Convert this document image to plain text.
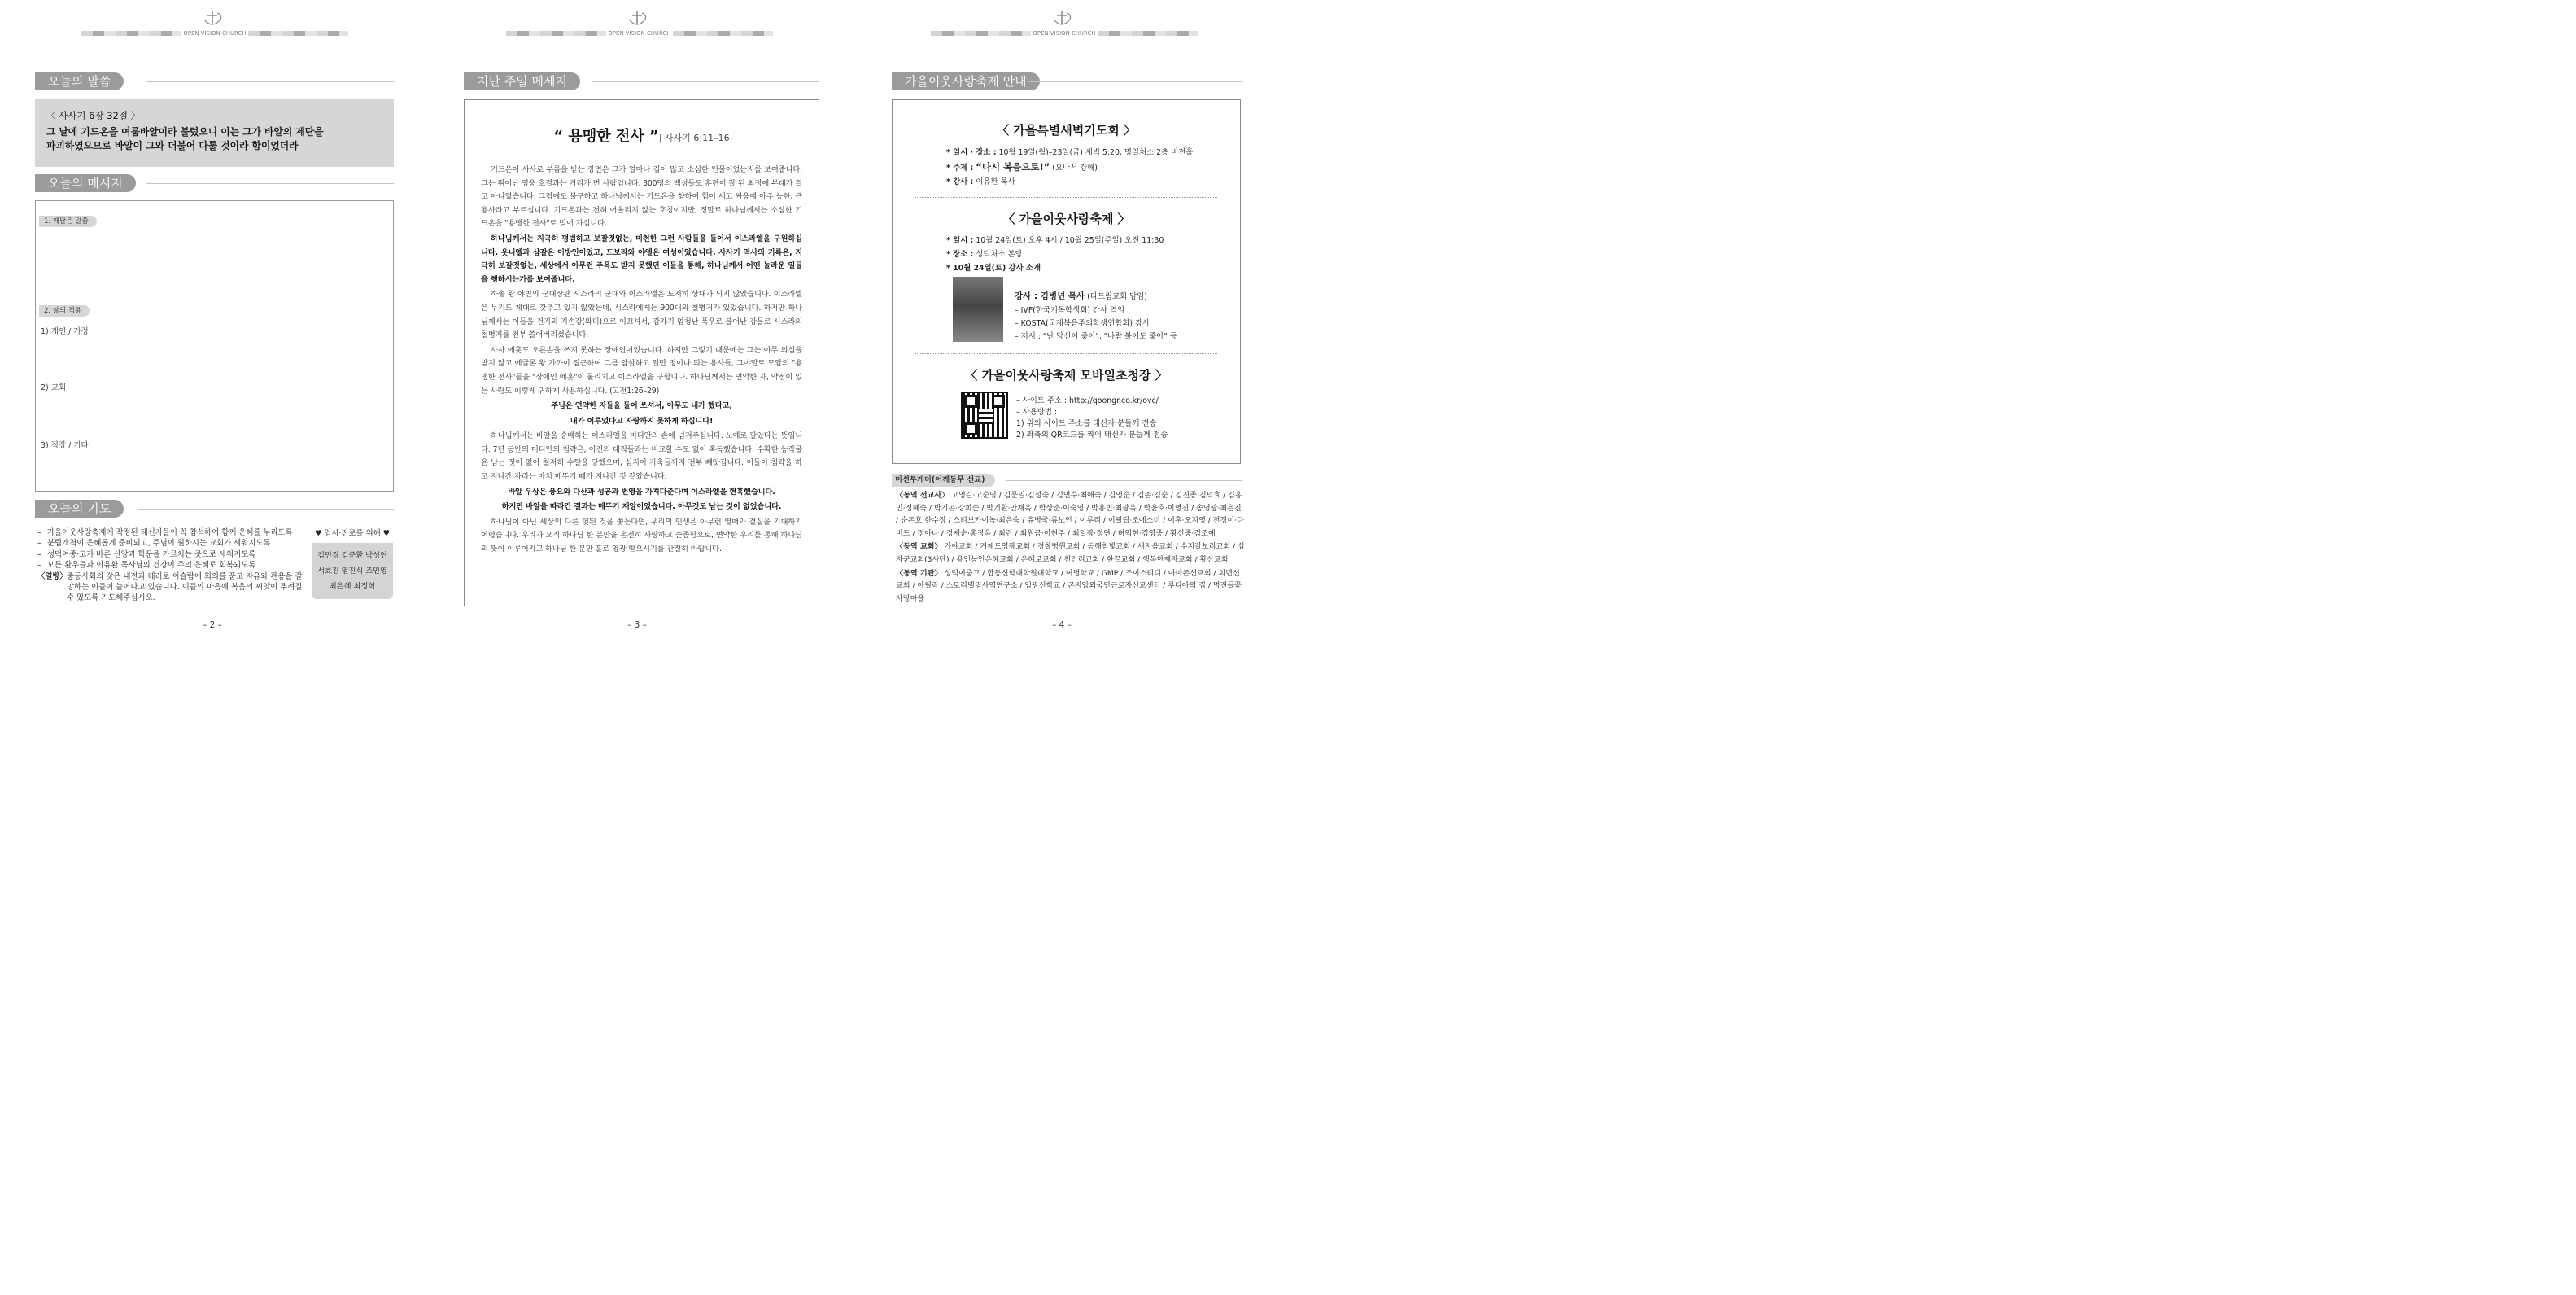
OPEN VISION CHURCH
오늘의 말씀
〈 사사기 6장 32절 〉
그 날에 기드온을 여룹바알이라 불렀으니 이는 그가 바알의 제단을
파괴하였으므로 바알이 그와 더불어 다툴 것이라 함이었더라
오늘의 메시지
1. 깨달은 말씀
2. 삶의 적용
1) 개인 / 가정
2) 교회
3) 직장 / 기타
오늘의 기도
– 가을이웃사랑축제에 작정된 태신자들이 꼭 참석하여 함께 은혜를 누리도록
– 분립개척이 은혜롭게 준비되고, 주님이 원하시는 교회가 세워지도록
– 성덕여중·고가 바른 신앙과 학문을 가르치는 곳으로 세워지도록
– 모든 환우들과 이유환 목사님의 건강이 주의 은혜로 회복되도록
〈열방〉 중동사회의 잦은 내전과 테러로 이슬람에 회의를 품고 자유와 관용을 갈망하는 이들이 늘어나고 있습니다. 이들의 마음에 복음의 씨앗이 뿌려질 수 있도록 기도해주십시오.
♥ 입시·진로를 위해 ♥
김민경 김준환 박성연
서효진 염진식 조민영
최은혜 최정혁
– 2 –
OPEN VISION CHURCH
지난 주일 메세지
“ 용맹한 전사 ”| 사사기 6:11–16

기드온이 사사로 부름을 받는 장면은 그가 얼마나 겁이 많고 소심한 인물이었는지를 보여줍니다. 그는 뛰어난 영웅 호걸과는 거리가 먼 사람입니다. 300명의 백성들도 훈련이 잘 된 최정예 부대가 결코 아니었습니다. 그럼에도 불구하고 하나님께서는 기드온을 향하여 힘이 세고 싸움에 아주 능한, 큰 용사라고 부르십니다. 기드온과는 전혀 어울리지 않는 호칭이지만, 정말로 하나님께서는 소심한 기드온을 "용맹한 전사"로 빚어 가십니다.

하나님께서는 지극히 평범하고 보잘것없는, 미천한 그런 사람들을 들어서 이스라엘을 구원하십니다. 옷니엘과 삼갈은 이방인이었고, 드보라와 야엘은 여성이었습니다. 사사기 역사의 기록은, 지극히 보잘것없는, 세상에서 아무런 주목도 받지 못했던 이들을 통해, 하나님께서 어떤 놀라운 일들을 행하시는가를 보여줍니다.

하솔 왕 야빈의 군대장관 시스라의 군대와 이스라엘은 도저히 상대가 되지 않았습니다. 이스라엘은 무기도 제대로 갖추고 있지 않았는데, 시스라에게는 900대의 철병거가 있었습니다. 하지만 하나님께서는 이들을 건기의 기손강(와디)으로 이끄셔서, 갑자기 엄청난 폭우로 불어난 강물로 시스라의 철병거를 전부 쓸어버리셨습니다.

사사 에훗도 오른손을 쓰지 못하는 장애인이었습니다. 하지만 그렇기 때문에는 그는 아무 의심을 받지 않고 에글론 왕 가까이 접근하여 그를 암살하고 일만 명이나 되는 용사들, 그야말로 모압의 "용맹한 전사"들을 "장애인 에훗"이 물리치고 이스라엘을 구합니다. 하나님께서는 연약한 자, 약점이 있는 사람도 이렇게 귀하게 사용하십니다. (고전1:26–29)

주님은 연약한 자들을 들어 쓰셔서, 아무도 내가 했다고,

내가 이루었다고 자랑하지 못하게 하십니다!

하나님께서는 바알을 숭배하는 이스라엘을 미디안의 손에 넘겨주십니다. 노예로 팔았다는 뜻입니다. 7년 동안의 미디안의 침략은, 이전의 대적들과는 비교할 수도 없이 혹독했습니다. 수확한 농작물은 남는 것이 없이 철저히 수탈을 당했으며, 심지어 가축들까지 전부 빼앗깁니다. 이들이 침략을 하고 지나간 자리는 마치 메뚜기 떼가 지나간 것 같았습니다.

바알 우상은 풍요와 다산과 성공과 번영을 가져다준다며 이스라엘을 현혹했습니다.

하지만 바알을 따라간 결과는 메뚜기 재앙이었습니다. 아무것도 남는 것이 없었습니다.

하나님이 아닌 세상의 다른 헛된 것을 쫓는다면, 우리의 인생은 아무런 열매와 결실을 기대하기 어렵습니다. 우리가 오직 하나님 한 분만을 온전히 사랑하고 순종함으로, 연약한 우리를 통해 하나님의 뜻이 이루어지고 하나님 한 분만 홀로 영광 받으시기를 간절히 바랍니다.

– 3 –
OPEN VISION CHURCH
가을이웃사랑축제 안내
〈 가을특별새벽기도회 〉
* 일시 · 장소 : 10월 19일(월)–23일(금) 새벽 5:20, 명일처소 2층 비전홀
* 주제 : “다시 복음으로!” (요나서 강해)
* 강사 : 이유환 목사
〈 가을이웃사랑축제 〉
* 일시 : 10월 24일(토) 오후 4시 / 10월 25일(주일) 오전 11:30
* 장소 : 성덕처소 본당
* 10월 24일(토) 강사 소개
강사 : 김병년 목사 (다드림교회 담임)
– IVF(한국기독학생회) 간사 역임
– KOSTA(국제복음주의학생연합회) 강사
– 저서 : "난 당신이 좋아", "바람 불어도 좋아" 등
〈 가을이웃사랑축제 모바일초청장 〉
– 사이트 주소 : http://qoongr.co.kr/ovc/
– 사용방법 :
1) 위의 사이트 주소를 태신자 분들께 전송
2) 좌측의 QR코드를 찍어 태신자 분들께 전송
미션투게더(어깨동무 선교)
〈동역 선교사〉 고영길·고순영 / 김문일·김성숙 / 김연수·최애숙 / 김영순 / 김존·김순 / 김진종·김덕효 / 김홍민·정혜숙 / 박기곤·강희순 / 박기환·안재옥 / 박상준·이숙영 / 박용빈·최광옥 / 박윤호·이명진 / 송영광·최은진 / 순돈호·한수정 / 스티브카이녹·최은숙 / 유병국·류보인 / 이루리 / 이필립·조에스더 / 이훈·오지영 / 전경미·다비드 / 정아나 / 정제순·홍정옥 / 최란 / 최원금·이현주 / 최일광·정연 / 허익현·김영중 / 황선중·김조예
〈동역 교회〉 가야교회 / 거제도영광교회 / 경찰병원교회 / 동해참빛교회 / 새지음교회 / 수지갈보리교회 / 십자군교회(3사단) / 용인농인은혜교회 / 은혜로교회 / 천안리교회 / 한끝교회 / 행복한제자교회 / 황산교회
〈동역 기관〉 성덕여중고 / 합동신학대학원대학교 / 여명학교 / GMP / 조이스티디 / 아마존선교회 / 희년선교회 / 아릴락 / 스토리텔링사역연구소 / 임광신학교 / 곤지암외국인근로자선교센터 / 루디아의 집 / 명진들꽃사랑마을
– 4 –
